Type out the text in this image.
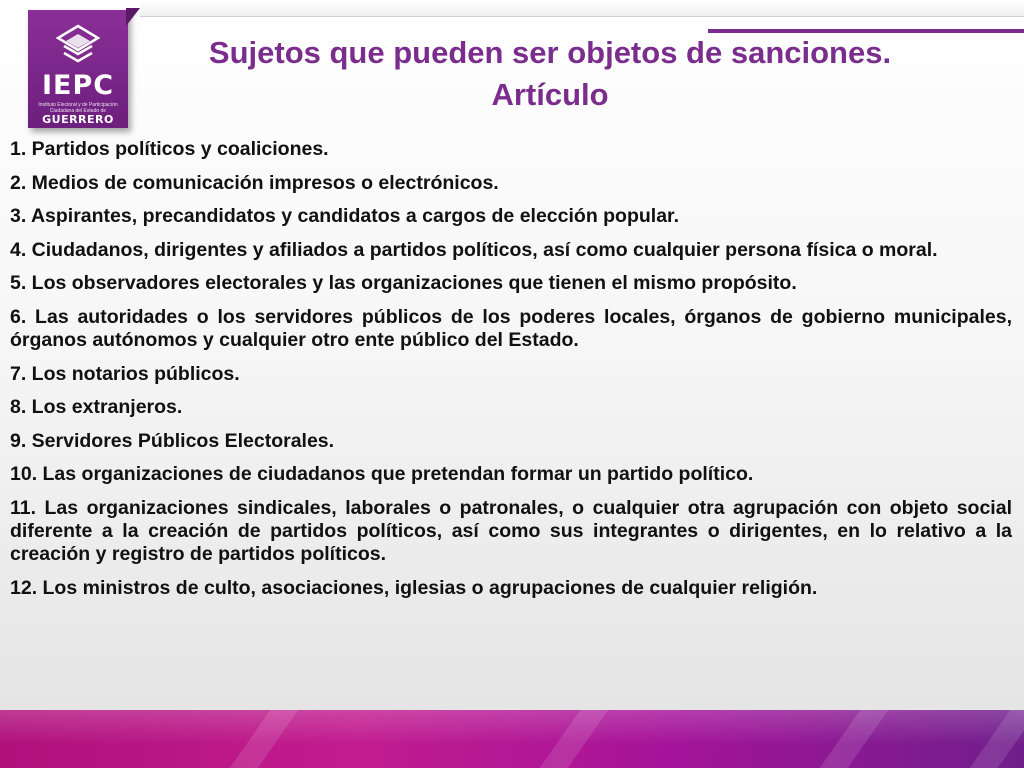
IEPC
Instituto Electoral y de Participación Ciudadana del Estado de
GUERRERO
Sujetos que pueden ser objetos de sanciones.
Artículo

1. Partidos políticos y coaliciones.

2. Medios de comunicación impresos o electrónicos.

3. Aspirantes, precandidatos y candidatos a cargos de elección popular.

4. Ciudadanos, dirigentes y afiliados a partidos políticos, así como cualquier persona física o moral.

5. Los observadores electorales y las organizaciones que tienen el mismo propósito.

6. Las autoridades o los servidores públicos de los poderes locales, órganos de gobierno municipales, órganos autónomos y cualquier otro ente público del Estado.

7. Los notarios públicos.

8. Los extranjeros.

9. Servidores Públicos Electorales.

10. Las organizaciones de ciudadanos que pretendan formar un partido político.

11. Las organizaciones sindicales, laborales o patronales, o cualquier otra agrupación con objeto social diferente a la creación de partidos políticos, así como sus integrantes o dirigentes, en lo relativo a la creación y registro de partidos políticos.

12. Los ministros de culto, asociaciones, iglesias o agrupaciones de cualquier religión.
